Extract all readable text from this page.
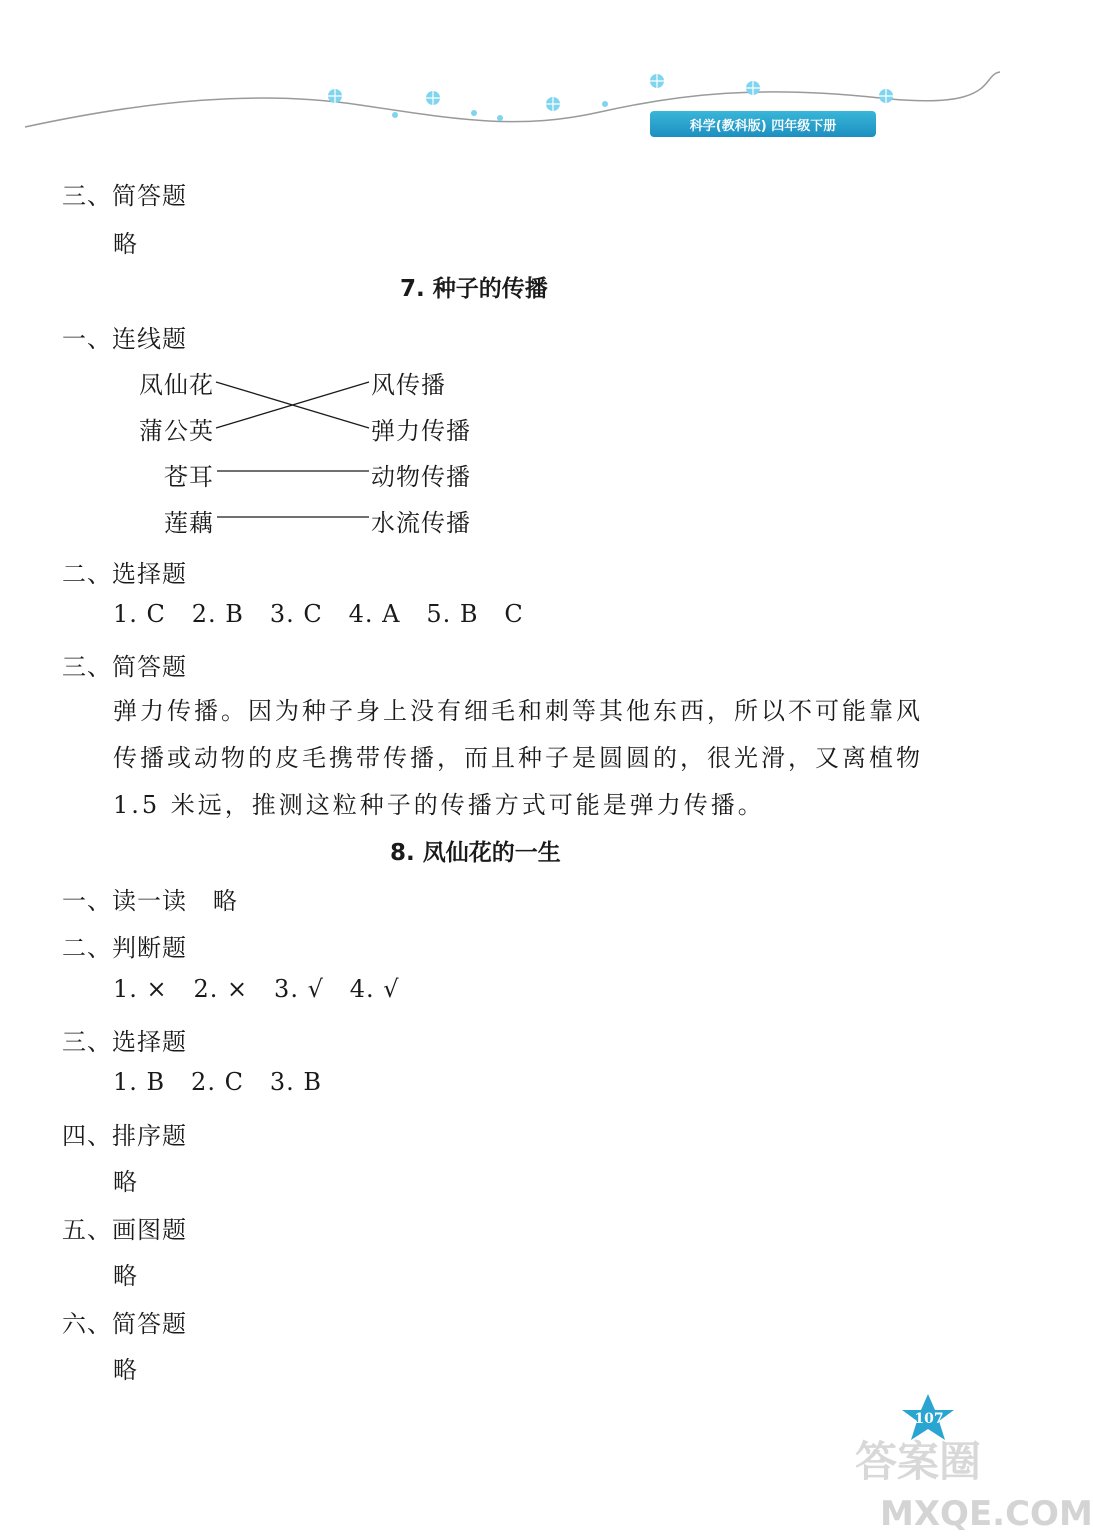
科学(教科版) 四年级下册
三、简答题
略
7. 种子的传播
一、连线题
凤仙花
蒲公英
苍耳
莲藕
风传播
弹力传播
动物传播
水流传播
二、选择题
1. C   2. B   3. C   4. A   5. B   C
三、简答题
弹力传播。因为种子身上没有细毛和刺等其他东西，所以不可能靠风
传播或动物的皮毛携带传播，而且种子是圆圆的，很光滑，又离植物
1.5 米远，推测这粒种子的传播方式可能是弹力传播。
8. 凤仙花的一生
一、读一读   略
二、判断题
1. ×   2. ×   3. √   4. √
三、选择题
1. B   2. C   3. B
四、排序题
略
五、画图题
略
六、简答题
略
107
答案圈
MXQE.COM
